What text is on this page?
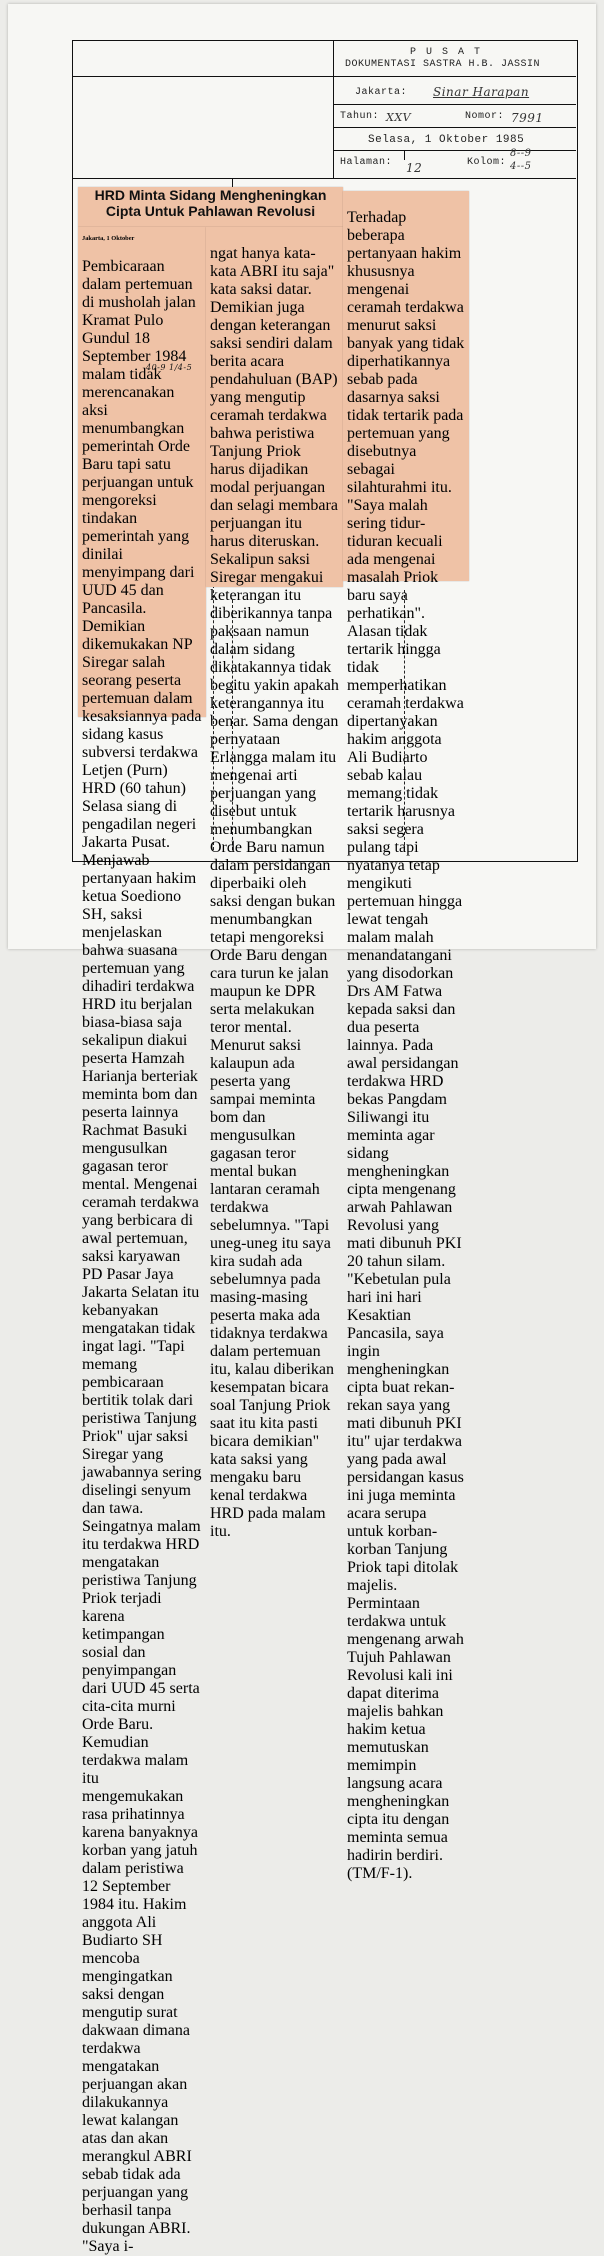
P U S A T
DOKUMENTASI SASTRA H.B. JASSIN
Jakarta: Sinar Harapan
Tahun: XXV	Nomor: 7991
Selasa, 1 Oktober 1985
Halaman: 12	Kolom:
8--9
4--5
HRD Minta Sidang Mengheningkan Cipta Untuk Pahlawan Revolusi

Jakarta, 1 Oktober

Pembicaraan dalam pertemuan di musholah jalan Kramat Pulo Gundul 18 September 1984 malam tidak merencanakan aksi menumbangkan pemerintah Orde Baru tapi satu perjuangan untuk mengoreksi tindakan pemerintah yang dinilai menyimpang dari UUD 45 dan Pancasila. Demikian dikemukakan NP Siregar salah seorang peserta pertemuan dalam kesaksiannya pada sidang kasus subversi terdakwa Letjen (Purn) HRD (60 tahun) Selasa siang di pengadilan negeri Jakarta Pusat. Menjawab pertanyaan hakim ketua Soediono SH, saksi menjelaskan bahwa suasana pertemuan yang dihadiri terdakwa HRD itu berjalan biasa-biasa saja sekalipun diakui peserta Hamzah Harianja berteriak meminta bom dan peserta lainnya Rachmat Basuki mengusulkan gagasan teror mental. Mengenai ceramah terdakwa yang berbicara di awal pertemuan, saksi karyawan PD Pasar Jaya Jakarta Selatan itu kebanyakan mengatakan tidak ingat lagi. "Tapi memang pembicaraan bertitik tolak dari peristiwa Tanjung Priok" ujar saksi Siregar yang jawabannya sering diselingi senyum dan tawa. Seingatnya malam itu terdakwa HRD mengatakan peristiwa Tanjung Priok terjadi karena ketimpangan sosial dan penyimpangan dari UUD 45 serta cita-cita murni Orde Baru. Kemudian terdakwa malam itu mengemukakan rasa prihatinnya karena banyaknya korban yang jatuh dalam peristiwa 12 September 1984 itu. Hakim anggota Ali Budiarto SH mencoba mengingatkan saksi dengan mengutip surat dakwaan dimana terdakwa mengatakan perjuangan akan dilakukannya lewat kalangan atas dan akan merangkul ABRI sebab tidak ada perjuangan yang berhasil tanpa dukungan ABRI. "Saya i-

40-9 1/4-5

ngat hanya kata-kata ABRI itu saja" kata saksi datar. Demikian juga dengan keterangan saksi sendiri dalam berita acara pendahuluan (BAP) yang mengutip ceramah terdakwa bahwa peristiwa Tanjung Priok harus dijadikan modal perjuangan dan selagi membara perjuangan itu harus diteruskan. Sekalipun saksi Siregar mengakui keterangan itu diberikannya tanpa paksaan namun dalam sidang dikatakannya tidak begitu yakin apakah keterangannya itu benar. Sama dengan pernyataan Erlangga malam itu mengenai arti perjuangan yang disebut untuk menumbangkan Orde Baru namun dalam persidangan diperbaiki oleh saksi dengan bukan menumbangkan tetapi mengoreksi Orde Baru dengan cara turun ke jalan maupun ke DPR serta melakukan teror mental. Menurut saksi kalaupun ada peserta yang sampai meminta bom dan mengusulkan gagasan teror mental bukan lantaran ceramah terdakwa sebelumnya. "Tapi uneg-uneg itu saya kira sudah ada sebelumnya pada masing-masing peserta maka ada tidaknya terdakwa dalam pertemuan itu, kalau diberikan kesempatan bicara soal Tanjung Priok saat itu kita pasti bicara demikian" kata saksi yang mengaku baru kenal terdakwa HRD pada malam itu.

Terhadap beberapa pertanyaan hakim khususnya mengenai ceramah terdakwa menurut saksi banyak yang tidak diperhatikannya sebab pada dasarnya saksi tidak tertarik pada pertemuan yang disebutnya sebagai silahturahmi itu. "Saya malah sering tidur-tiduran kecuali ada mengenai masalah Priok baru saya perhatikan". Alasan tidak tertarik hingga tidak memperhatikan ceramah terdakwa dipertanyakan hakim anggota Ali Budiarto sebab kalau memang tidak tertarik harusnya saksi segera pulang tapi nyatanya tetap mengikuti pertemuan hingga lewat tengah malam malah menandatangani yang disodorkan Drs AM Fatwa kepada saksi dan dua peserta lainnya. Pada awal persidangan terdakwa HRD bekas Pangdam Siliwangi itu meminta agar sidang mengheningkan cipta mengenang arwah Pahlawan Revolusi yang mati dibunuh PKI 20 tahun silam. "Kebetulan pula hari ini hari Kesaktian Pancasila, saya ingin mengheningkan cipta buat rekan-rekan saya yang mati dibunuh PKI itu" ujar terdakwa yang pada awal persidangan kasus ini juga meminta acara serupa untuk korban-korban Tanjung Priok tapi ditolak majelis. Permintaan terdakwa untuk mengenang arwah Tujuh Pahlawan Revolusi kali ini dapat diterima majelis bahkan hakim ketua memutuskan memimpin langsung acara mengheningkan cipta itu dengan meminta semua hadirin berdiri. (TM/F-1).
